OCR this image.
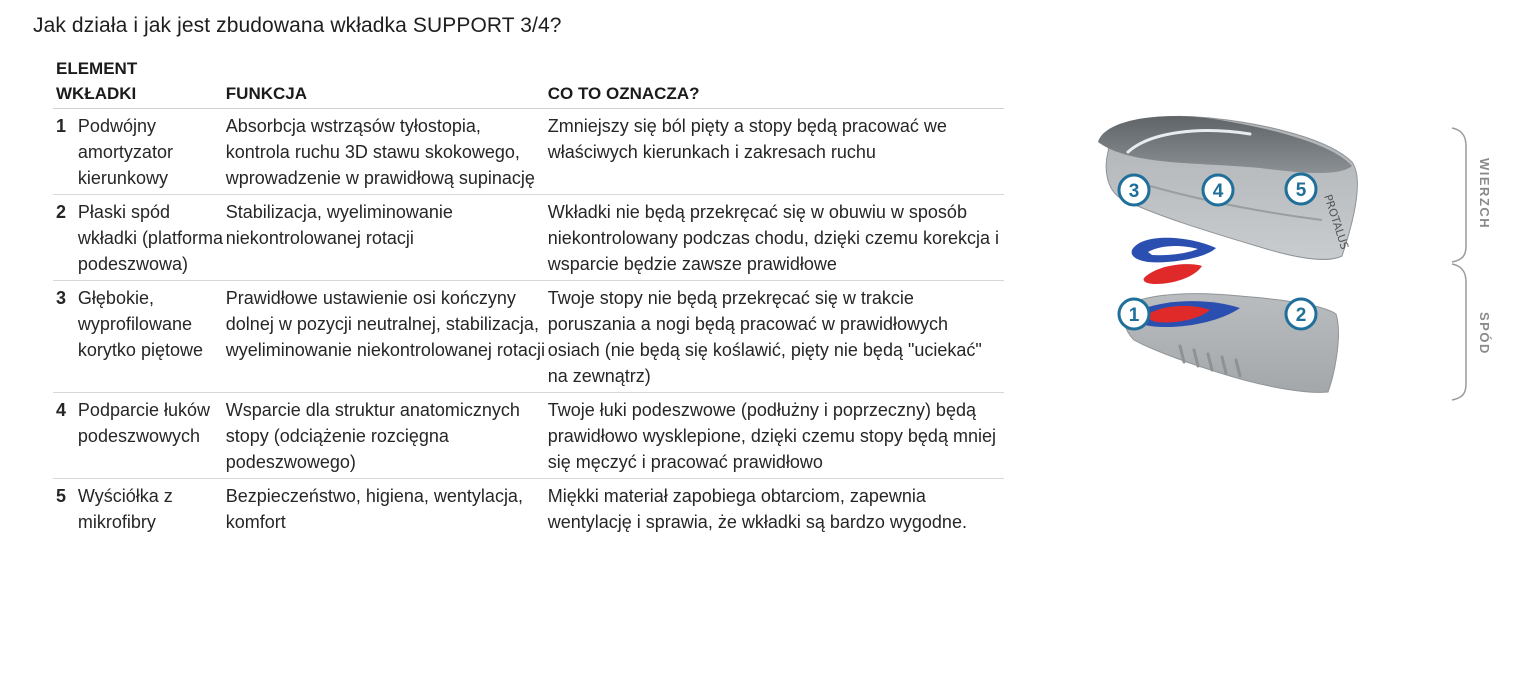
Jak działa i jak jest zbudowana wkładka SUPPORT 3/4?
ELEMENT
WKŁADKI		FUNKCJA	CO TO OZNACZA?
1	Podwójny amortyzator kierunkowy	Absorbcja wstrząsów tyłostopia, kontrola ruchu 3D stawu skokowego, wprowadzenie w prawidłową supinację	Zmniejszy się ból pięty a stopy będą pracować we właściwych kierunkach i zakresach ruchu
2	Płaski spód wkładki (platforma podeszwowa)	Stabilizacja, wyeliminowanie niekontrolowanej rotacji	Wkładki nie będą przekręcać się w obuwiu w sposób niekontrolowany podczas chodu, dzięki czemu korekcja i wsparcie będzie zawsze prawidłowe
3	Głębokie, wyprofilowane korytko piętowe	Prawidłowe ustawienie osi kończyny dolnej w pozycji neutralnej, stabilizacja, wyeliminowanie niekontrolowanej rotacji	Twoje stopy nie będą przekręcać się w trakcie poruszania a nogi będą pracować w prawidłowych osiach (nie będą się koślawić, pięty nie będą "uciekać" na zewnątrz)
4	Podparcie łuków podeszwowych	Wsparcie dla struktur anatomicznych stopy (odciążenie rozcięgna podeszwowego)	Twoje łuki podeszwowe (podłużny i poprzeczny) będą prawidłowo wysklepione, dzięki czemu stopy będą mniej się męczyć i pracować prawidłowo
5	Wyściółka z mikrofibry	Bezpieczeństwo, higiena, wentylacja, komfort	Miękki materiał zapobiega obtarciom, zapewnia wentylację i sprawia, że wkładki są bardzo wygodne.
PROTALUS
3	4	5
1	2
WIERZCH
SPÓD
